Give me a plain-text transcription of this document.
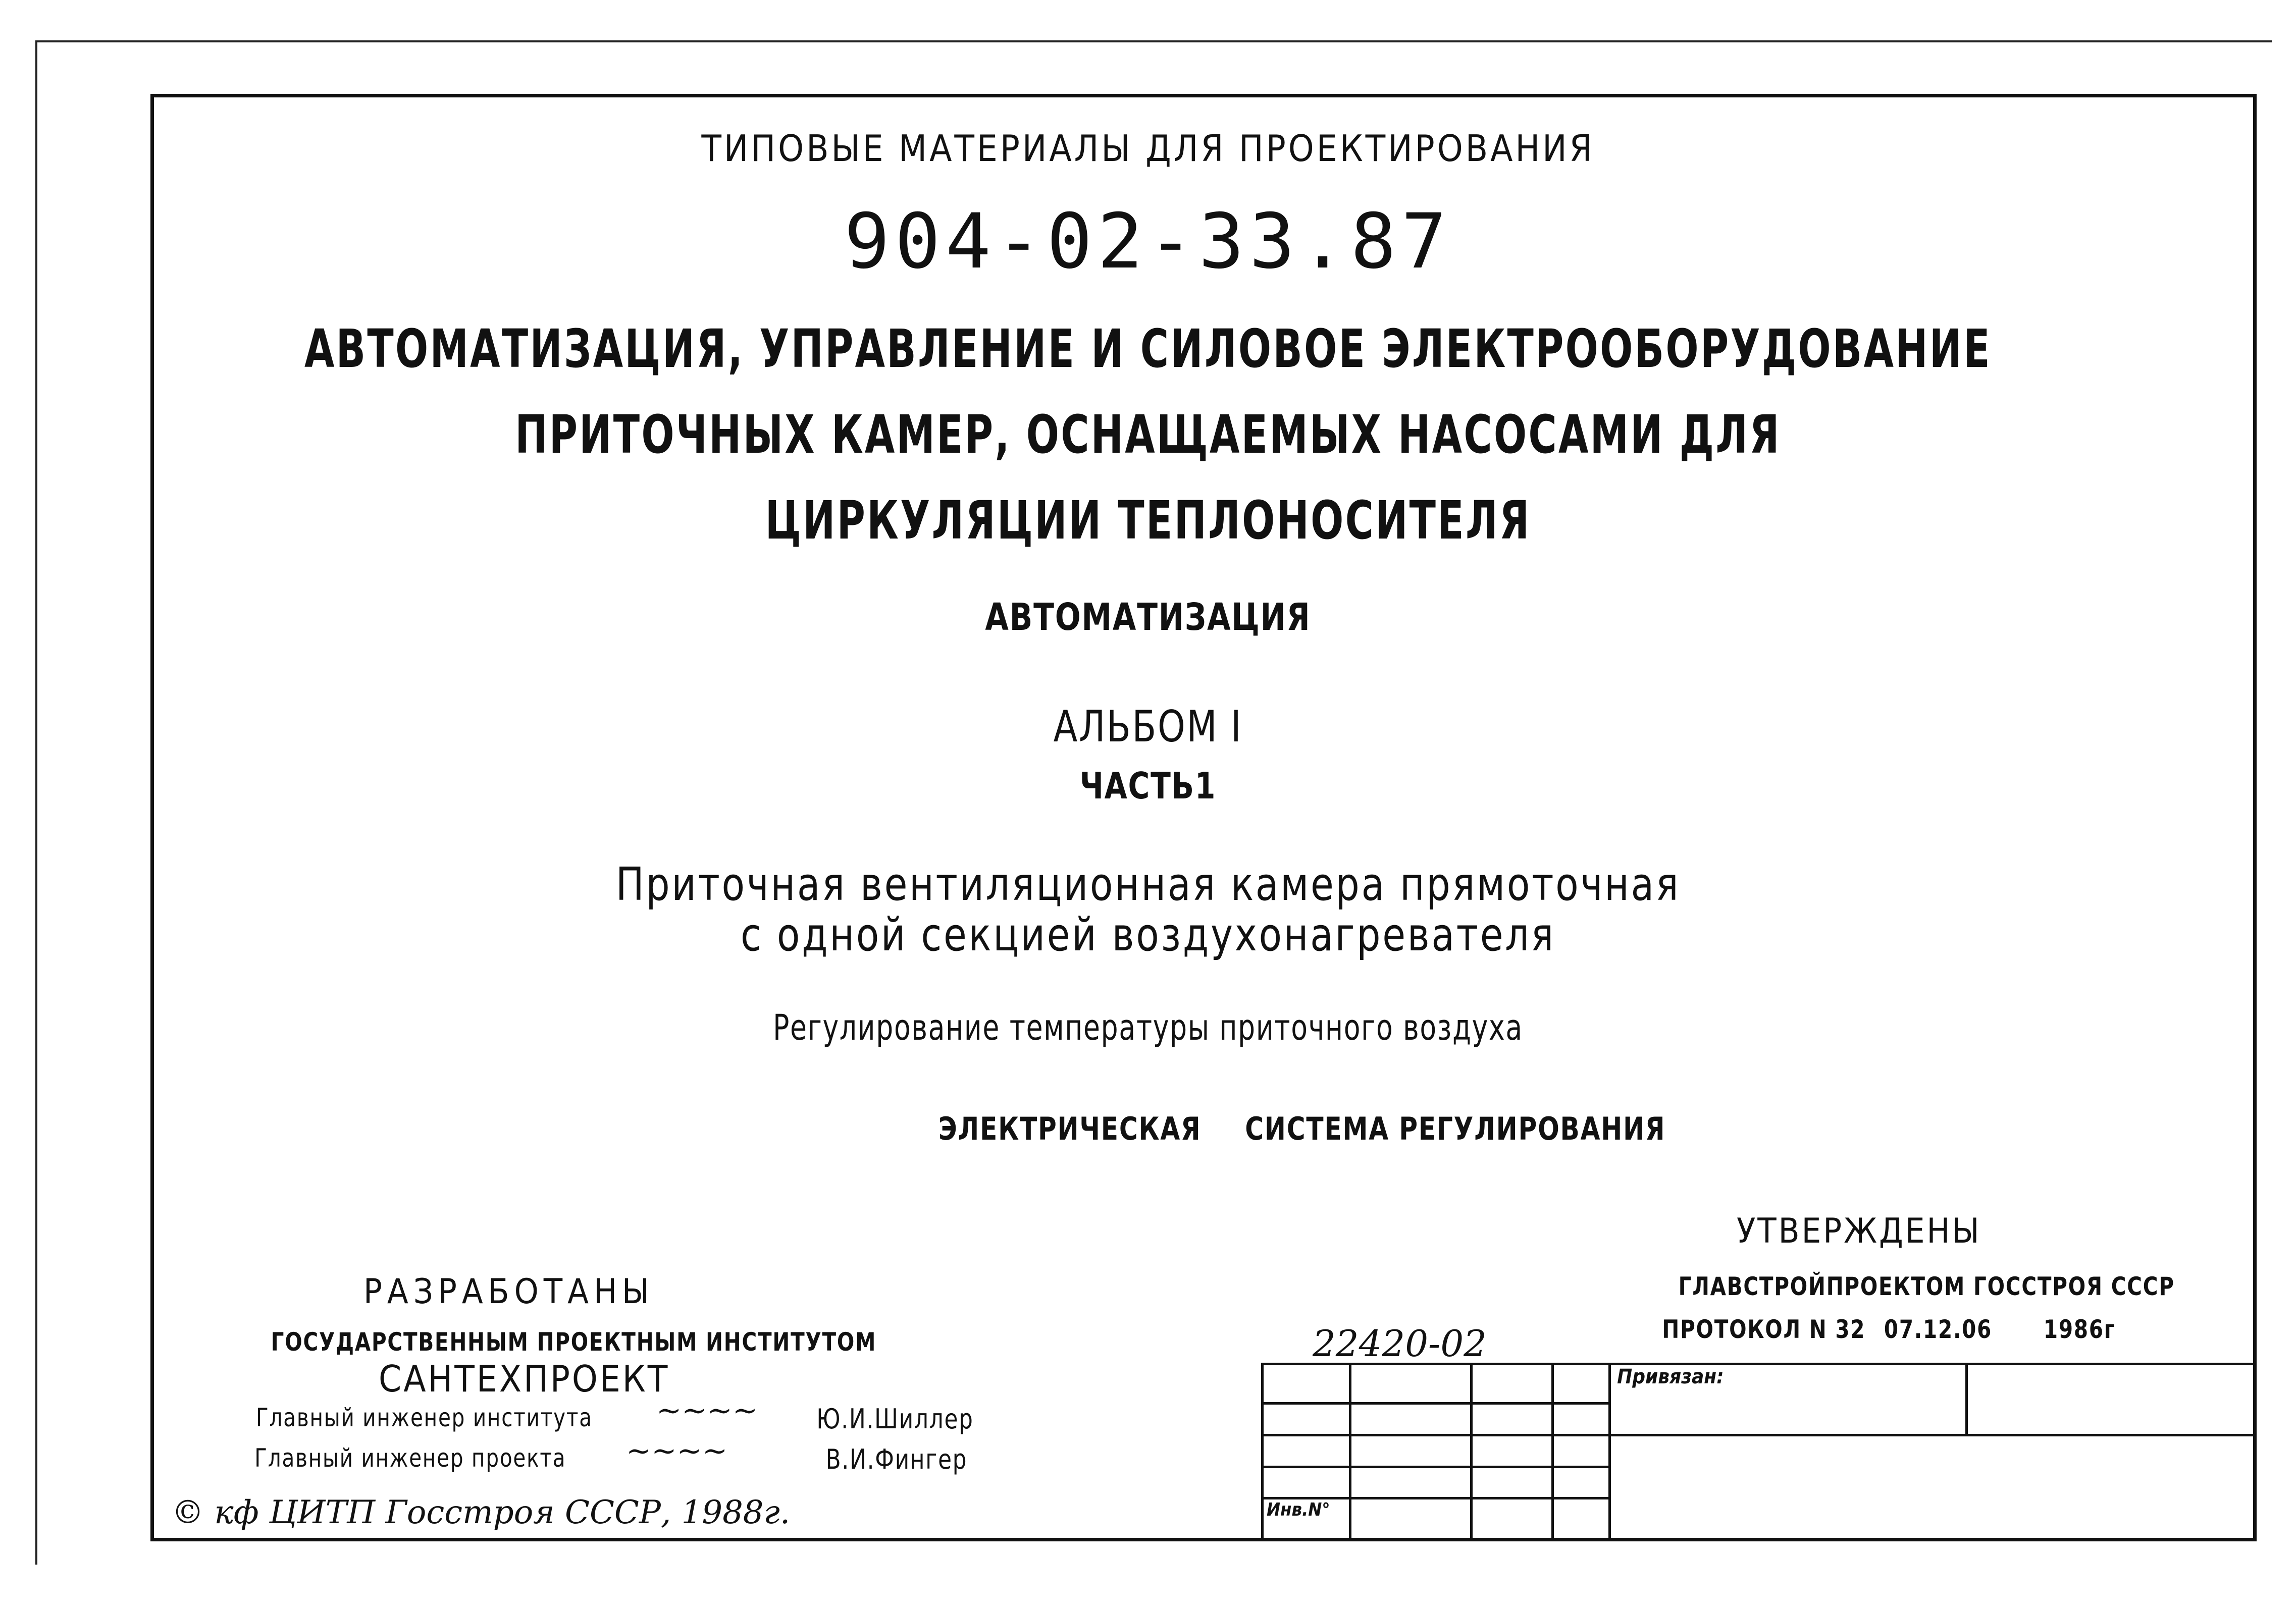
ТИПОВЫЕ МАТЕРИАЛЫ ДЛЯ ПРОЕКТИРОВАНИЯ
904-02-33.87
АВТОМАТИЗАЦИЯ, УПРАВЛЕНИЕ И СИЛОВОЕ ЭЛЕКТРООБОРУДОВАНИЕ
ПРИТОЧНЫХ КАМЕР, ОСНАЩАЕМЫХ НАСОСАМИ ДЛЯ
ЦИРКУЛЯЦИИ ТЕПЛОНОСИТЕЛЯ
АВТОМАТИЗАЦИЯ
АЛЬБОМ I
ЧАСТЬ1
Приточная вентиляционная камера прямоточная
с одной секцией воздухонагревателя
Регулирование температуры приточного воздуха
ЭЛЕКТРИЧЕСКАЯ СИСТЕМА РЕГУЛИРОВАНИЯ
УТВЕРЖДЕНЫ
ГЛАВСТРОЙПРОЕКТОМ ГОССТРОЯ СССР
ПРОТОКОЛ N 32 07.12.06 1986г
РАЗРАБОТАНЫ
ГОСУДАРСТВЕННЫМ ПРОЕКТНЫМ ИНСТИТУТОМ
САНТЕХПРОЕКТ
Главный инженер института ~~~~ Ю.И.Шиллер
Главный инженер проекта ~~~~	В.И.Фингер
© кф ЦИТП Госстроя СССР, 1988г.
22420-02
				Привязан:	

Инв.N°					
